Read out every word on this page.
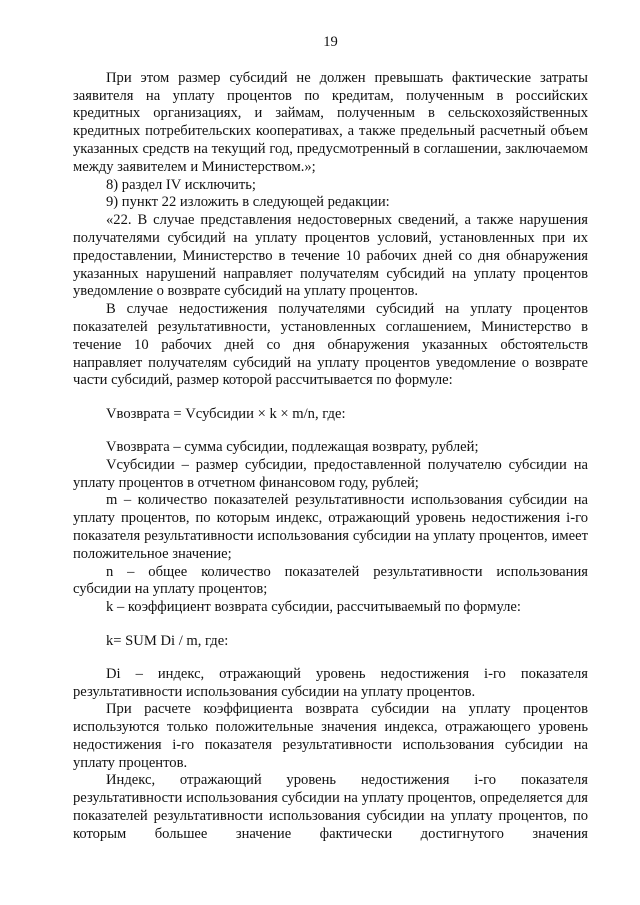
19

При этом размер субсидий не должен превышать фактические затраты заявителя на уплату процентов по кредитам, полученным в российских кредитных организациях, и займам, полученным в сельскохозяйственных кредитных потребительских кооперативах, а также предельный расчетный объем указанных средств на текущий год, предусмотренный в соглашении, заключаемом между заявителем и Министерством.»;

8) раздел IV исключить;

9) пункт 22 изложить в следующей редакции:

«22. В случае представления недостоверных сведений, а также нарушения получателями субсидий на уплату процентов условий, установленных при их предоставлении, Министерство в течение 10 рабочих дней со дня обнаружения указанных нарушений направляет получателям субсидий на уплату процентов уведомление о возврате субсидий на уплату процентов.

В случае недостижения получателями субсидий на уплату процентов показателей результативности, установленных соглашением, Министерство в течение 10 рабочих дней со дня обнаружения указанных обстоятельств направляет получателям субсидий на уплату процентов уведомление о возврате части субсидий, размер которой рассчитывается по формуле:

Vвозврата = Vсубсидии × k × m/n, где:

Vвозврата – сумма субсидии, подлежащая возврату, рублей;

Vсубсидии – размер субсидии, предоставленной получателю субсидии на уплату процентов в отчетном финансовом году, рублей;

m – количество показателей результативности использования субсидии на уплату процентов, по которым индекс, отражающий уровень недостижения i-го показателя результативности использования субсидии на уплату процентов, имеет положительное значение;

n – общее количество показателей результативности использования субсидии на уплату процентов;

k – коэффициент возврата субсидии, рассчитываемый по формуле:

k= SUM Di / m, где:

Di – индекс, отражающий уровень недостижения i-го показателя результативности использования субсидии на уплату процентов.

При расчете коэффициента возврата субсидии на уплату процентов используются только положительные значения индекса, отражающего уровень недостижения i-го показателя результативности использования субсидии на уплату процентов.

Индекс, отражающий уровень недостижения i-го показателя результативности использования субсидии на уплату процентов, определяется для показателей результативности использования субсидии на уплату процентов, по которым большее значение фактически достигнутого значения
